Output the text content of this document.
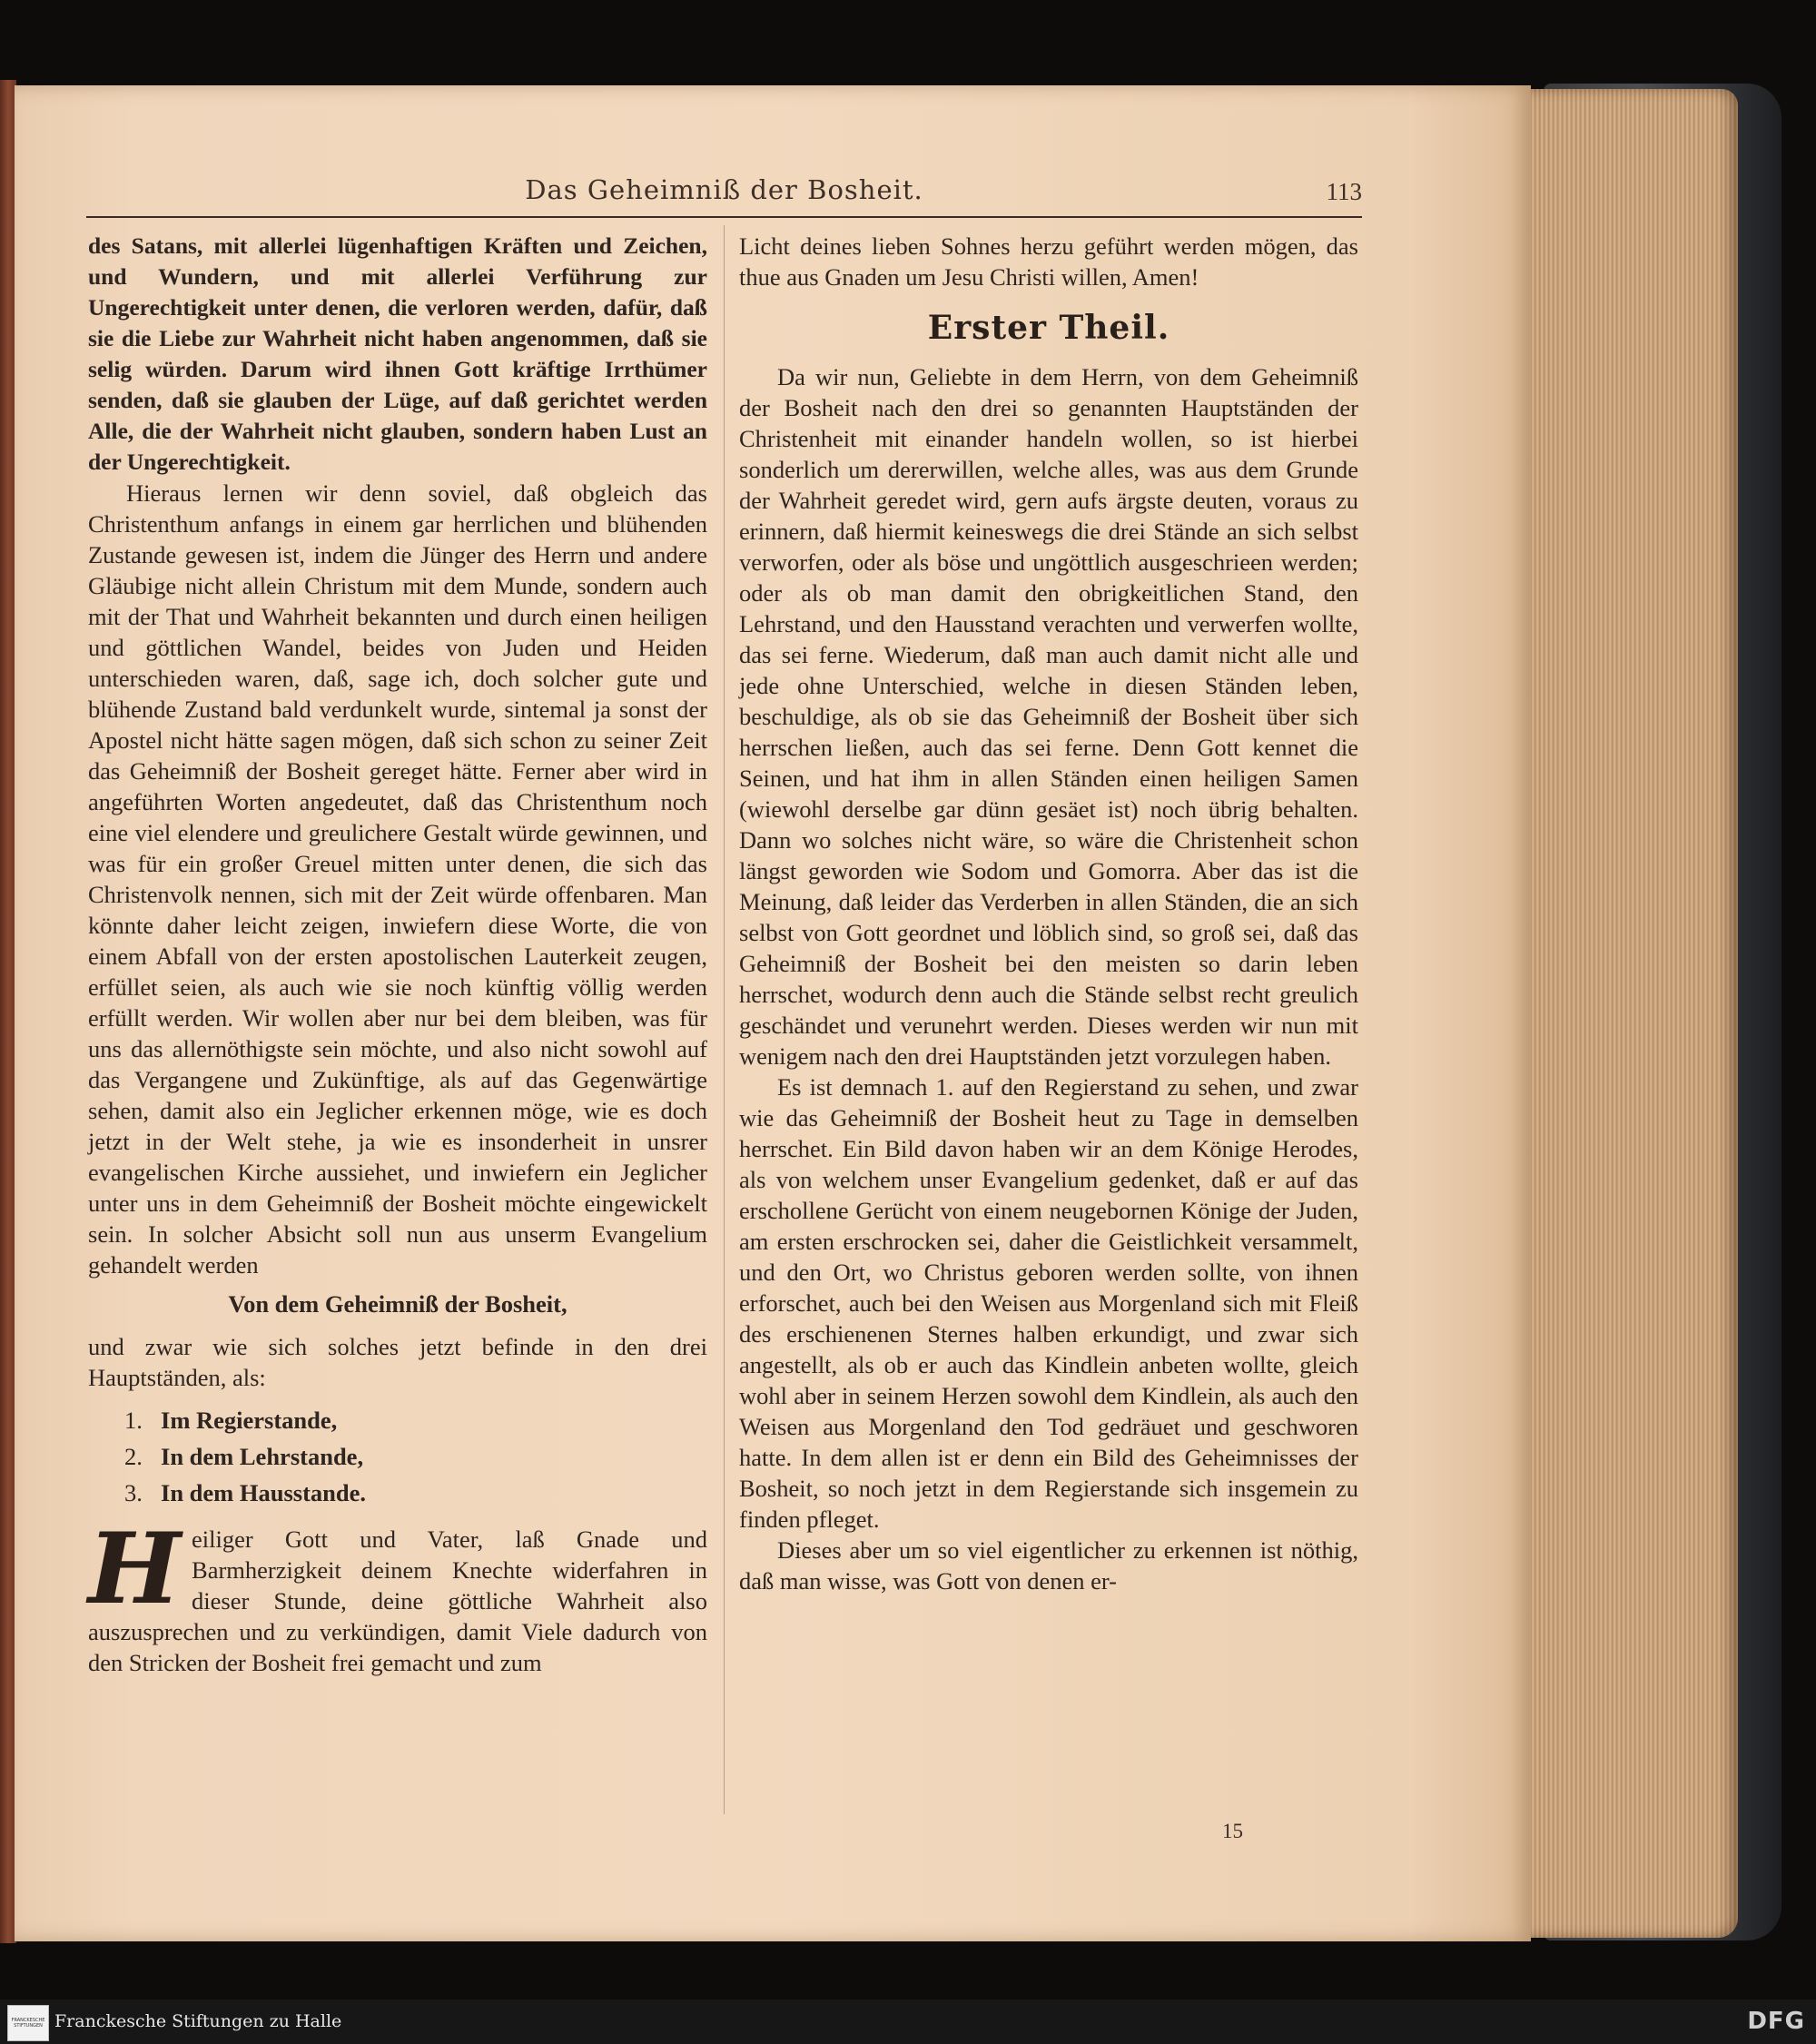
Das Geheimniß der Bosheit.	113

des Satans, mit allerlei lügenhaftigen Kräften und Zeichen, und Wundern, und mit allerlei Verführung zur Ungerechtigkeit unter denen, die verloren werden, dafür, daß sie die Liebe zur Wahrheit nicht haben angenommen, daß sie selig würden. Darum wird ihnen Gott kräftige Irrthümer senden, daß sie glauben der Lüge, auf daß gerichtet werden Alle, die der Wahrheit nicht glauben, sondern haben Lust an der Ungerechtigkeit.

Hieraus lernen wir denn soviel, daß obgleich das Christenthum anfangs in einem gar herrlichen und blühenden Zustande gewesen ist, indem die Jünger des Herrn und andere Gläubige nicht allein Christum mit dem Munde, sondern auch mit der That und Wahrheit bekannten und durch einen heiligen und göttlichen Wandel, beides von Juden und Heiden unterschieden waren, daß, sage ich, doch solcher gute und blühende Zustand bald verdunkelt wurde, sintemal ja sonst der Apostel nicht hätte sagen mögen, daß sich schon zu seiner Zeit das Geheimniß der Bosheit gereget hätte. Ferner aber wird in angeführten Worten angedeutet, daß das Christenthum noch eine viel elendere und greulichere Gestalt würde gewinnen, und was für ein großer Greuel mitten unter denen, die sich das Christenvolk nennen, sich mit der Zeit würde offenbaren. Man könnte daher leicht zeigen, inwiefern diese Worte, die von einem Abfall von der ersten apostolischen Lauterkeit zeugen, erfüllet seien, als auch wie sie noch künftig völlig werden erfüllt werden. Wir wollen aber nur bei dem bleiben, was für uns das allernöthigste sein möchte, und also nicht sowohl auf das Vergangene und Zukünftige, als auf das Gegenwärtige sehen, damit also ein Jeglicher erkennen möge, wie es doch jetzt in der Welt stehe, ja wie es insonderheit in unsrer evangelischen Kirche aussiehet, und inwiefern ein Jeglicher unter uns in dem Geheimniß der Bosheit möchte eingewickelt sein. In solcher Absicht soll nun aus unserm Evangelium gehandelt werden

Von dem Geheimniß der Bosheit,

und zwar wie sich solches jetzt befinde in den drei Hauptständen, als:

1. Im Regierstande,
2. In dem Lehrstande,
3. In dem Hausstande.

Heiliger Gott und Vater, laß Gnade und Barmherzigkeit deinem Knechte widerfahren in dieser Stunde, deine göttliche Wahrheit also auszusprechen und zu verkündigen, damit Viele dadurch von den Stricken der Bosheit frei gemacht und zum

Licht deines lieben Sohnes herzu geführt werden mögen, das thue aus Gnaden um Jesu Christi willen, Amen!

Erster Theil.

Da wir nun, Geliebte in dem Herrn, von dem Geheimniß der Bosheit nach den drei so genannten Hauptständen der Christenheit mit einander handeln wollen, so ist hierbei sonderlich um dererwillen, welche alles, was aus dem Grunde der Wahrheit geredet wird, gern aufs ärgste deuten, voraus zu erinnern, daß hiermit keineswegs die drei Stände an sich selbst verworfen, oder als böse und ungöttlich ausgeschrieen werden; oder als ob man damit den obrigkeitlichen Stand, den Lehrstand, und den Hausstand verachten und verwerfen wollte, das sei ferne. Wiederum, daß man auch damit nicht alle und jede ohne Unterschied, welche in diesen Ständen leben, beschuldige, als ob sie das Geheimniß der Bosheit über sich herrschen ließen, auch das sei ferne. Denn Gott kennet die Seinen, und hat ihm in allen Ständen einen heiligen Samen (wiewohl derselbe gar dünn gesäet ist) noch übrig behalten. Dann wo solches nicht wäre, so wäre die Christenheit schon längst geworden wie Sodom und Gomorra. Aber das ist die Meinung, daß leider das Verderben in allen Ständen, die an sich selbst von Gott geordnet und löblich sind, so groß sei, daß das Geheimniß der Bosheit bei den meisten so darin leben herrschet, wodurch denn auch die Stände selbst recht greulich geschändet und verunehrt werden. Dieses werden wir nun mit wenigem nach den drei Hauptständen jetzt vorzulegen haben.

Es ist demnach 1. auf den Regierstand zu sehen, und zwar wie das Geheimniß der Bosheit heut zu Tage in demselben herrschet. Ein Bild davon haben wir an dem Könige Herodes, als von welchem unser Evangelium gedenket, daß er auf das erschollene Gerücht von einem neugebornen Könige der Juden, am ersten erschrocken sei, daher die Geistlichkeit versammelt, und den Ort, wo Christus geboren werden sollte, von ihnen erforschet, auch bei den Weisen aus Morgenland sich mit Fleiß des erschienenen Sternes halben erkundigt, und zwar sich angestellt, als ob er auch das Kindlein anbeten wollte, gleich wohl aber in seinem Herzen sowohl dem Kindlein, als auch den Weisen aus Morgenland den Tod gedräuet und geschworen hatte. In dem allen ist er denn ein Bild des Geheimnisses der Bosheit, so noch jetzt in dem Regierstande sich insgemein zu finden pfleget.

Dieses aber um so viel eigentlicher zu erkennen ist nöthig, daß man wisse, was Gott von denen er-

15
FRANCKESCHE STIFTUNGEN Franckesche Stiftungen zu Halle	DFG
